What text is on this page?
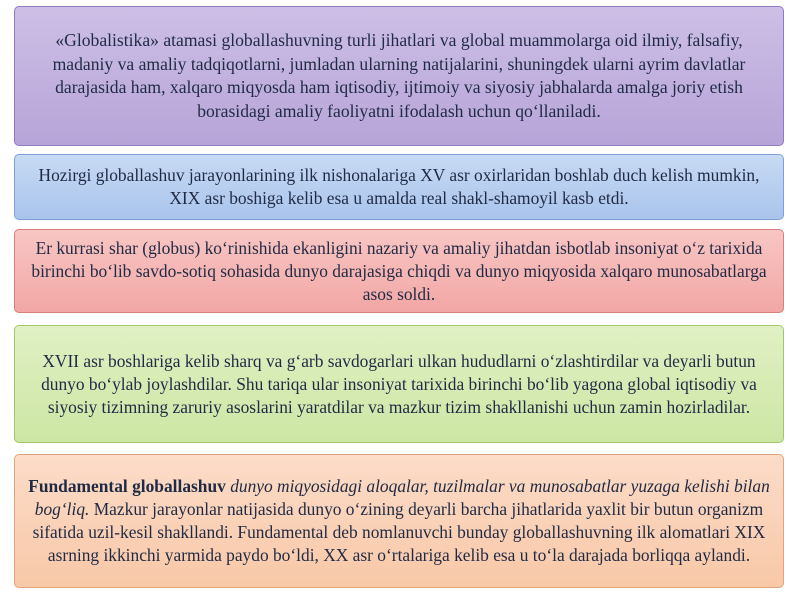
«Globalistika» atamasi globallashuvning turli jihatlari va global muammolarga oid ilmiy, falsafiy, madaniy va amaliy tadqiqotlarni, jumladan ularning natijalarini, shuningdek ularni ayrim davlatlar darajasida ham, xalqaro miqyosda ham iqtisodiy, ijtimoiy va siyosiy jabhalarda amalga joriy etish borasidagi amaliy faoliyatni ifodalash uchun qo‘llaniladi.

Hozirgi globallashuv jarayonlarining ilk nishonalariga XV asr oxirlaridan boshlab duch kelish mumkin, XIX asr boshiga kelib esa u amalda real shakl-shamoyil kasb etdi.

Er kurrasi shar (globus) ko‘rinishida ekanligini nazariy va amaliy jihatdan isbotlab insoniyat o‘z tarixida birinchi bo‘lib savdo-sotiq sohasida dunyo darajasiga chiqdi va dunyo miqyosida xalqaro munosabatlarga asos soldi.

XVII asr boshlariga kelib sharq va g‘arb savdogarlari ulkan hududlarni o‘zlashtirdilar va deyarli butun dunyo bo‘ylab joylashdilar. Shu tariqa ular insoniyat tarixida birinchi bo‘lib yagona global iqtisodiy va siyosiy tizimning zaruriy asoslarini yaratdilar va mazkur tizim shakllanishi uchun zamin hozirladilar.

Fundamental globallashuv dunyo miqyosidagi aloqalar, tuzilmalar va munosabatlar yuzaga kelishi bilan bog‘liq. Mazkur jarayonlar natijasida dunyo o‘zining deyarli barcha jihatlarida yaxlit bir butun organizm sifatida uzil-kesil shakllandi. Fundamental deb nomlanuvchi bunday globallashuvning ilk alomatlari XIX asrning ikkinchi yarmida paydo bo‘ldi, XX asr o‘rtalariga kelib esa u to‘la darajada borliqqa aylandi.
